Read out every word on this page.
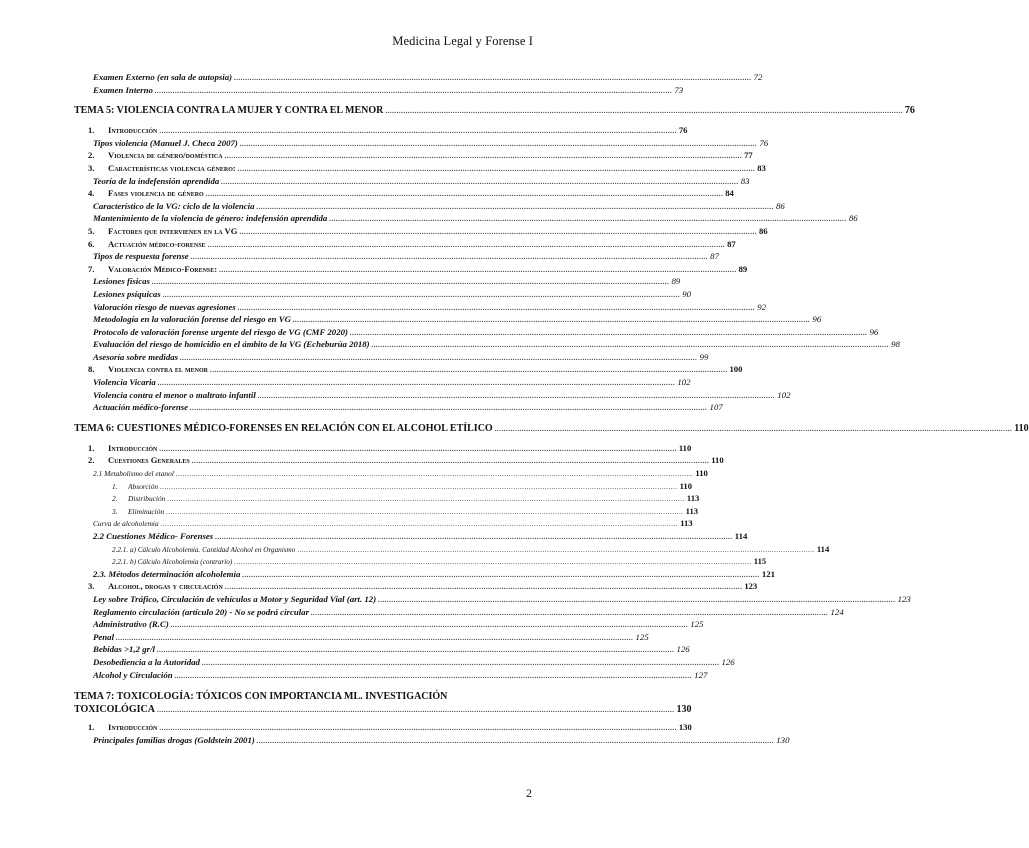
Medicina Legal y Forense I
Examen Externo (en sala de autopsia) .....	72
Examen Interno .....	73
TEMA 5: VIOLENCIA CONTRA LA MUJER Y CONTRA EL MENOR .....	76
1. Introducción .....	76
Tipos violencia (Manuel J. Checa 2007) .....	76
2. Violencia de género/doméstica .....	77
3. Características violencia género: .....	83
Teoría de la indefensión aprendida .....	83
4. Fases violencia de género .....	84
Característico de la VG: ciclo de la violencia .....	86
Mantenimiento de la violencia de género: indefensión aprendida .....	86
5. Factores que intervienen en la VG .....	86
6. Actuación médico-forense .....	87
Tipos de respuesta forense .....	87
7. Valoración Médico-Forense: .....	89
Lesiones físicas .....	89
Lesiones psíquicas .....	90
Valoración riesgo de nuevas agresiones .....	92
Metodología en la valoración forense del riesgo en VG .....	96
Protocolo de valoración forense urgente del riesgo de VG (CMF 2020) .....	96
Evaluación del riesgo de homicidio en el ámbito de la VG (Echeburúa 2018) .....	98
Asesoría sobre medidas .....	99
8. Violencia contra el menor .....	100
Violencia Vicaria .....	102
Violencia contra el menor o maltrato infantil .....	102
Actuación médico-forense .....	107
TEMA 6: CUESTIONES MÉDICO-FORENSES EN RELACIÓN CON EL ALCOHOL ETÍLICO .....	110
1. Introducción .....	110
2. Cuestiones Generales .....	110
2.1 Metabolismo del etanol .....	110
1. Absorción .....	110
2. Distribución .....	113
3. Eliminación .....	113
Curva de alcoholemia .....	113
2.2 Cuestiones Médico- Forenses .....	114
2.2.1. a) Cálculo Alcoholemia. Cantidad Alcohol en Organismo .....	114
2.2.1. b) Cálculo Alcoholemia (contrario) .....	115
2.3. Métodos determinación alcoholemia .....	121
3. Alcohol, drogas y circulación .....	123
Ley sobre Tráfico, Circulación de vehículos a Motor y Seguridad Vial (art. 12) .....	123
Reglamento circulación (artículo 20) - No se podrá circular .....	124
Administrativo (R.C) .....	125
Penal .....	125
Bebidas >1,2 gr/l .....	126
Desobediencia a la Autoridad .....	126
Alcohol y Circulación .....	127
TEMA 7: TOXICOLOGÍA: TÓXICOS CON IMPORTANCIA ML. INVESTIGACIÓN
TOXICOLÓGICA .....	130
1. Introducción .....	130
Principales familias drogas (Goldstein 2001) .....	130
2
